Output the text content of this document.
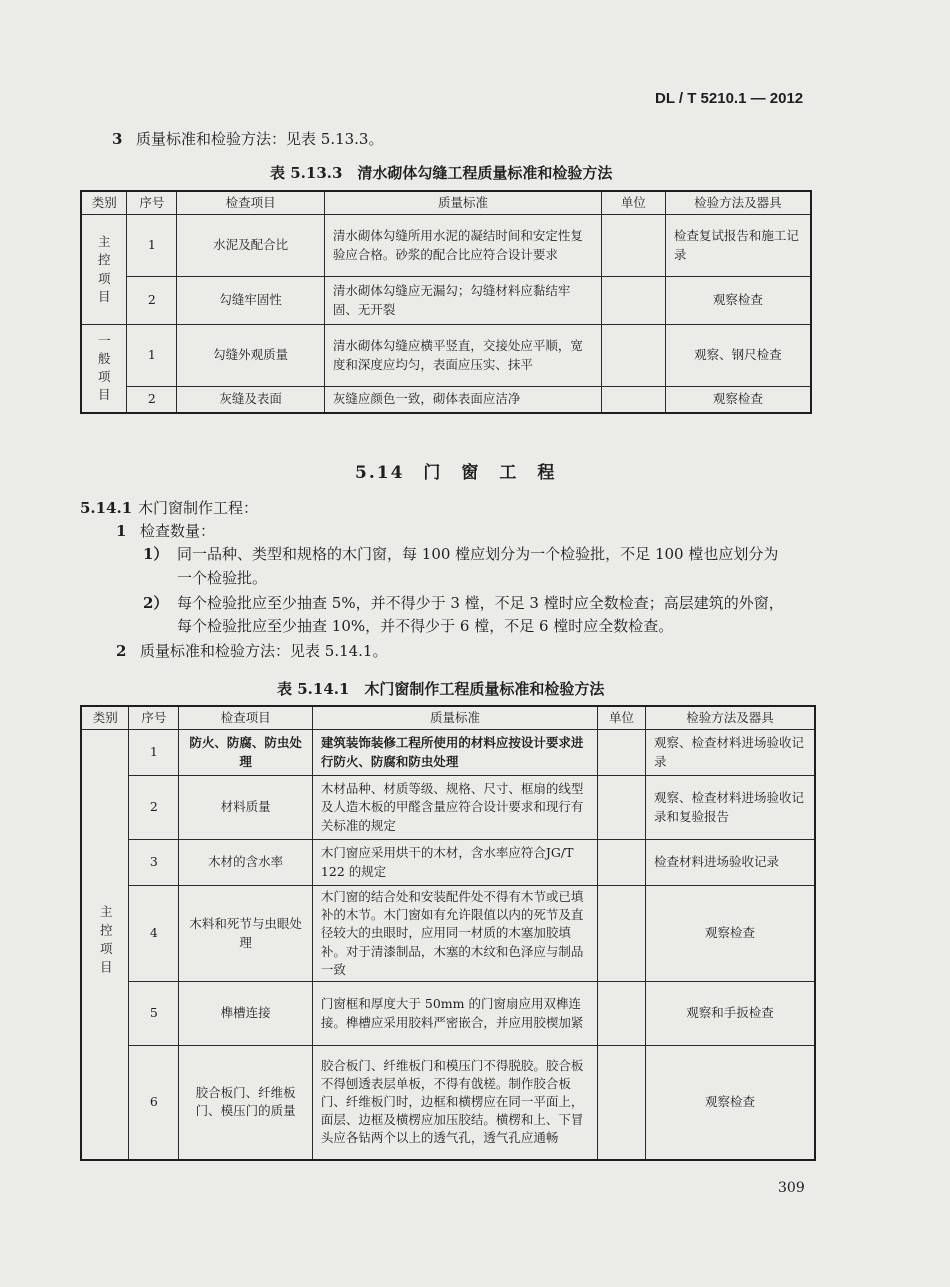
DL / T 5210.1 — 2012
3 质量标准和检验方法：见表 5.13.3。
表 5.13.3　清水砌体勾缝工程质量标准和检验方法
类别	序号	检查项目	质量标准	单位	检验方法及器具
主控项目	1	水泥及配合比	清水砌体勾缝所用水泥的凝结时间和安定性复验应合格。砂浆的配合比应符合设计要求		检查复试报告和施工记录
	2	勾缝牢固性	清水砌体勾缝应无漏勾；勾缝材料应黏结牢固、无开裂		观察检查
一般项目	1	勾缝外观质量	清水砌体勾缝应横平竖直，交接处应平顺，宽度和深度应均匀，表面应压实、抹平		观察、钢尺检查
	2	灰缝及表面	灰缝应颜色一致，砌体表面应洁净		观察检查
5.14　门　窗　工　程
5.14.1 木门窗制作工程：
1 检查数量：
1） 同一品种、类型和规格的木门窗，每 100 樘应划分为一个检验批，不足 100 樘也应划分为
一个检验批。
2） 每个检验批应至少抽查 5%，并不得少于 3 樘，不足 3 樘时应全数检查；高层建筑的外窗，
每个检验批应至少抽查 10%，并不得少于 6 樘，不足 6 樘时应全数检查。
2 质量标准和检验方法：见表 5.14.1。
表 5.14.1　木门窗制作工程质量标准和检验方法
类别	序号	检查项目	质量标准	单位	检验方法及器具
主控项目	1	防火、防腐、防虫处理	建筑装饰装修工程所使用的材料应按设计要求进行防火、防腐和防虫处理		观察、检查材料进场验收记录
	2	材料质量	木材品种、材质等级、规格、尺寸、框扇的线型及人造木板的甲醛含量应符合设计要求和现行有关标准的规定		观察、检查材料进场验收记录和复验报告
	3	木材的含水率	木门窗应采用烘干的木材，含水率应符合JG/T 122 的规定		检查材料进场验收记录
	4	木料和死节与虫眼处理	木门窗的结合处和安装配件处不得有木节或已填补的木节。木门窗如有允许限值以内的死节及直径较大的虫眼时，应用同一材质的木塞加胶填补。对于清漆制品，木塞的木纹和色泽应与制品一致		观察检查
	5	榫槽连接	门窗框和厚度大于 50mm 的门窗扇应用双榫连接。榫槽应采用胶料严密嵌合，并应用胶楔加紧		观察和手扳检查
	6	胶合板门、纤维板门、模压门的质量	胶合板门、纤维板门和模压门不得脱胶。胶合板不得刨透表层单板，不得有戗槎。制作胶合板门、纤维板门时，边框和横楞应在同一平面上，面层、边框及横楞应加压胶结。横楞和上、下冒头应各钻两个以上的透气孔，透气孔应通畅		观察检查
309
